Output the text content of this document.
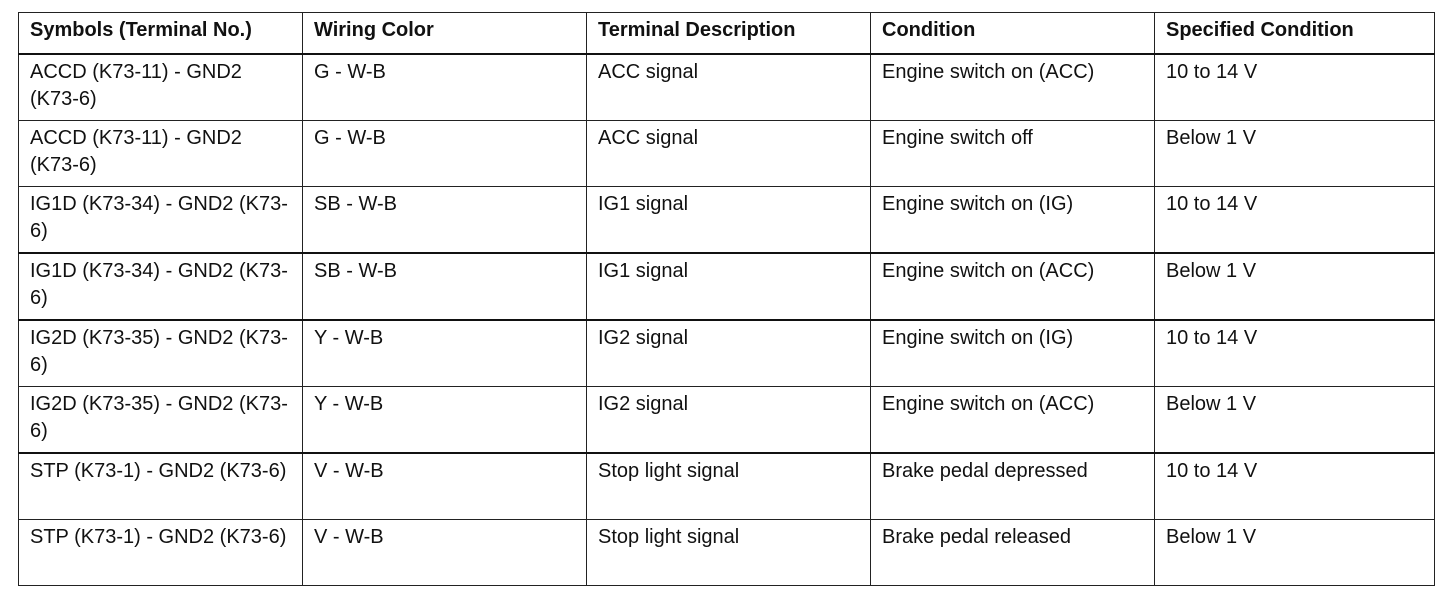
Symbols (Terminal No.)	Wiring Color	Terminal Description	Condition	Specified Condition
ACCD (K73-11) - GND2 (K73-6)	G - W-B	ACC signal	Engine switch on (ACC)	10 to 14 V
ACCD (K73-11) - GND2 (K73-6)	G - W-B	ACC signal	Engine switch off	Below 1 V
IG1D (K73-34) - GND2 (K73-6)	SB - W-B	IG1 signal	Engine switch on (IG)	10 to 14 V
IG1D (K73-34) - GND2 (K73-6)	SB - W-B	IG1 signal	Engine switch on (ACC)	Below 1 V
IG2D (K73-35) - GND2 (K73-6)	Y - W-B	IG2 signal	Engine switch on (IG)	10 to 14 V
IG2D (K73-35) - GND2 (K73-6)	Y - W-B	IG2 signal	Engine switch on (ACC)	Below 1 V
STP (K73-1) - GND2 (K73-6)	V - W-B	Stop light signal	Brake pedal depressed	10 to 14 V
STP (K73-1) - GND2 (K73-6)	V - W-B	Stop light signal	Brake pedal released	Below 1 V
